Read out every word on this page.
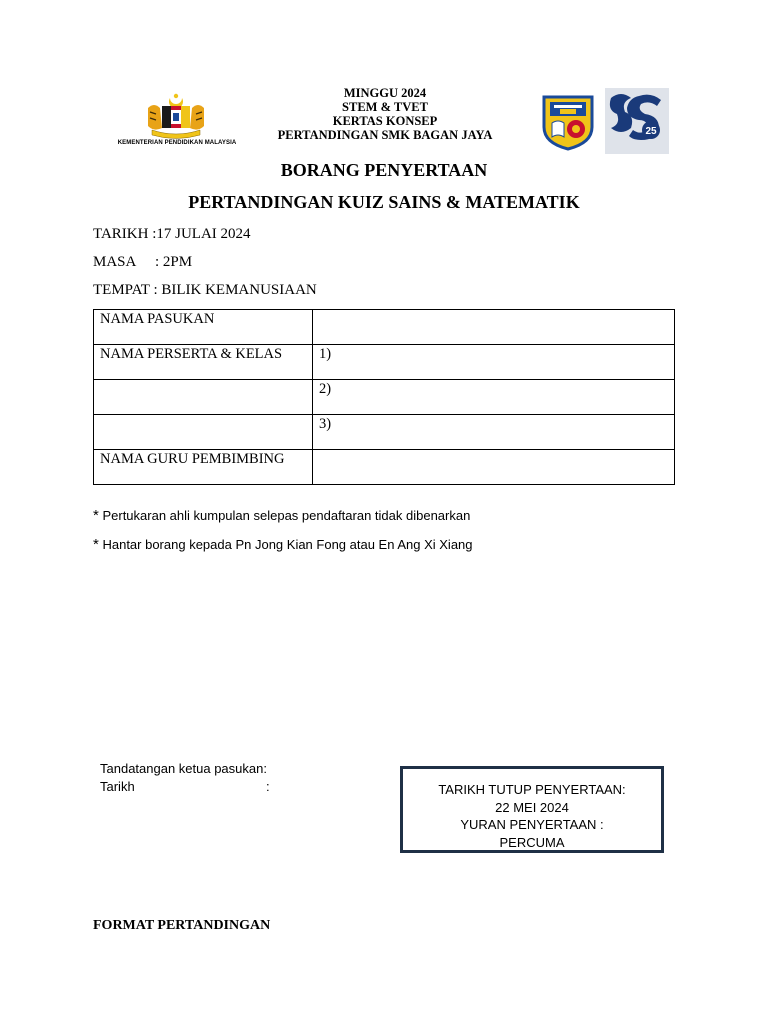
KEMENTERIAN PENDIDIKAN MALAYSIA
MINGGU 2024
STEM & TVET
KERTAS KONSEP
PERTANDINGAN SMK BAGAN JAYA	25
BORANG PENYERTAAN
PERTANDINGAN KUIZ SAINS & MATEMATIK
TARIKH :17 JULAI 2024
MASA : 2PM
TEMPAT : BILIK KEMANUSIAAN
NAMA PASUKAN	
NAMA PERSERTA & KELAS	1)
	2)
	3)
NAMA GURU PEMBIMBING	
* Pertukaran ahli kumpulan selepas pendaftaran tidak dibenarkan
* Hantar borang kepada Pn Jong Kian Fong atau En Ang Xi Xiang
Tandatangan ketua pasukan:
Tarikh	:	TARIKH TUTUP PENYERTAAN:
22 MEI 2024
YURAN PENYERTAAN :
PERCUMA
FORMAT PERTANDINGAN
